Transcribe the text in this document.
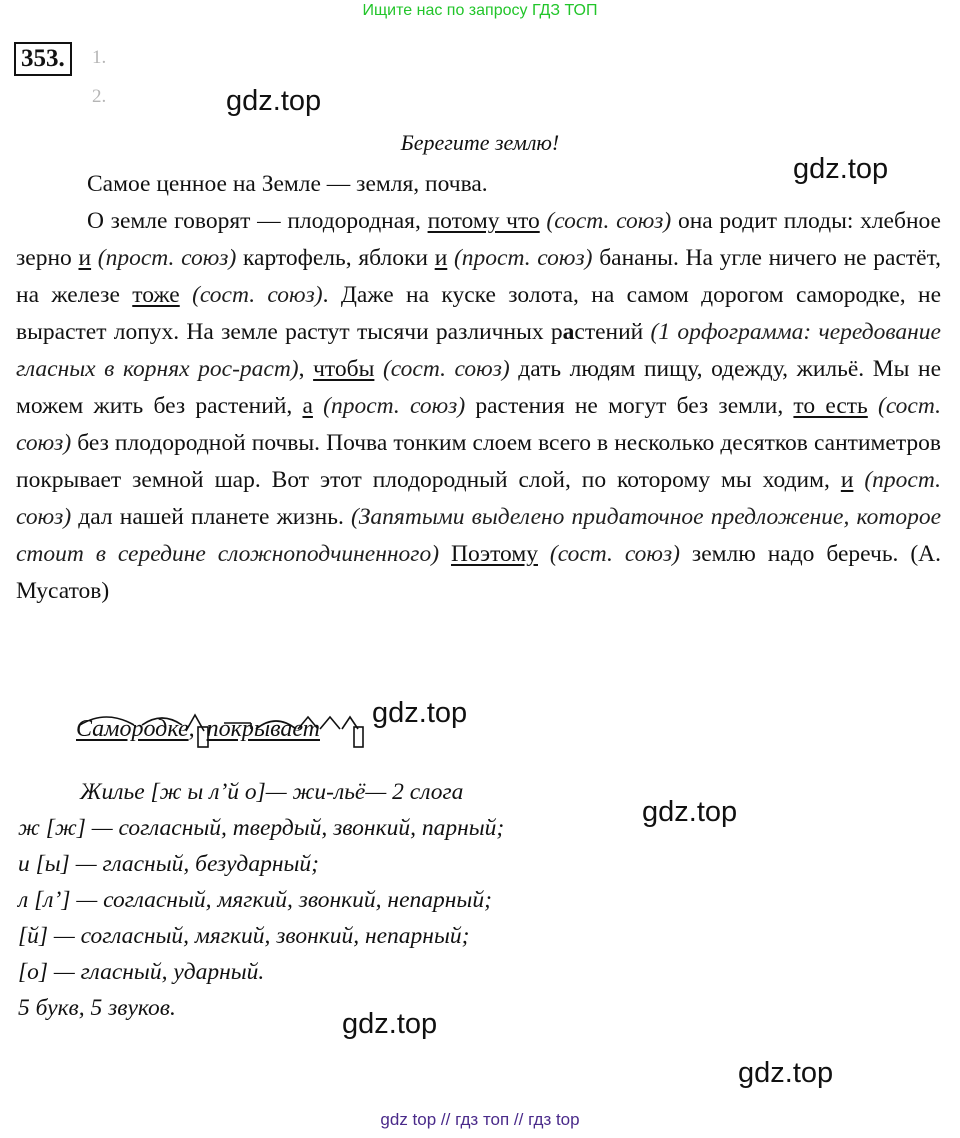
Ищите нас по запросу ГДЗ ТОП
353.	1.
2.	gdz.top
gdz.top
Берегите землю!

Самое ценное на Земле — земля, почва.

О земле говорят — плодородная, потому что (сост. союз) она родит плоды: хлебное зерно и (прост. союз) картофель, яблоки и (прост. союз) бананы. На угле ничего не растёт, на железе тоже (сост. союз). Даже на куске золота, на самом дорогом самородке, не вырастет лопух. На земле растут тысячи различных растений (1 орфограмма: чередование гласных в корнях рос-раст), чтобы (сост. союз) дать людям пищу, одежду, жильё. Мы не можем жить без растений, а (прост. союз) растения не могут без земли, то есть (сост. союз) без плодородной почвы. Почва тонким слоем всего в несколько десятков сантиметров покрывает земной шар. Вот этот плодородный слой, по которому мы ходим, и (прост. союз) дал нашей планете жизнь. (Запятыми выделено придаточное предложение, которое стоит в середине сложноподчиненного) Поэтому (сост. союз) землю надо беречь. (А. Мусатов)

Самородке, покрывает gdz.top
Жилье [ж ы л’й о]— жи-льё— 2 слога
ж [ж] — согласный, твердый, звонкий, парный;
и [ы] — гласный, безударный;
л [л’] — согласный, мягкий, звонкий, непарный;
[й] — согласный, мягкий, звонкий, непарный;
[о] — гласный, ударный.
5 букв, 5 звуков.
gdz.top
gdz.top
gdz.top
gdz top // гдз топ // гдз top
